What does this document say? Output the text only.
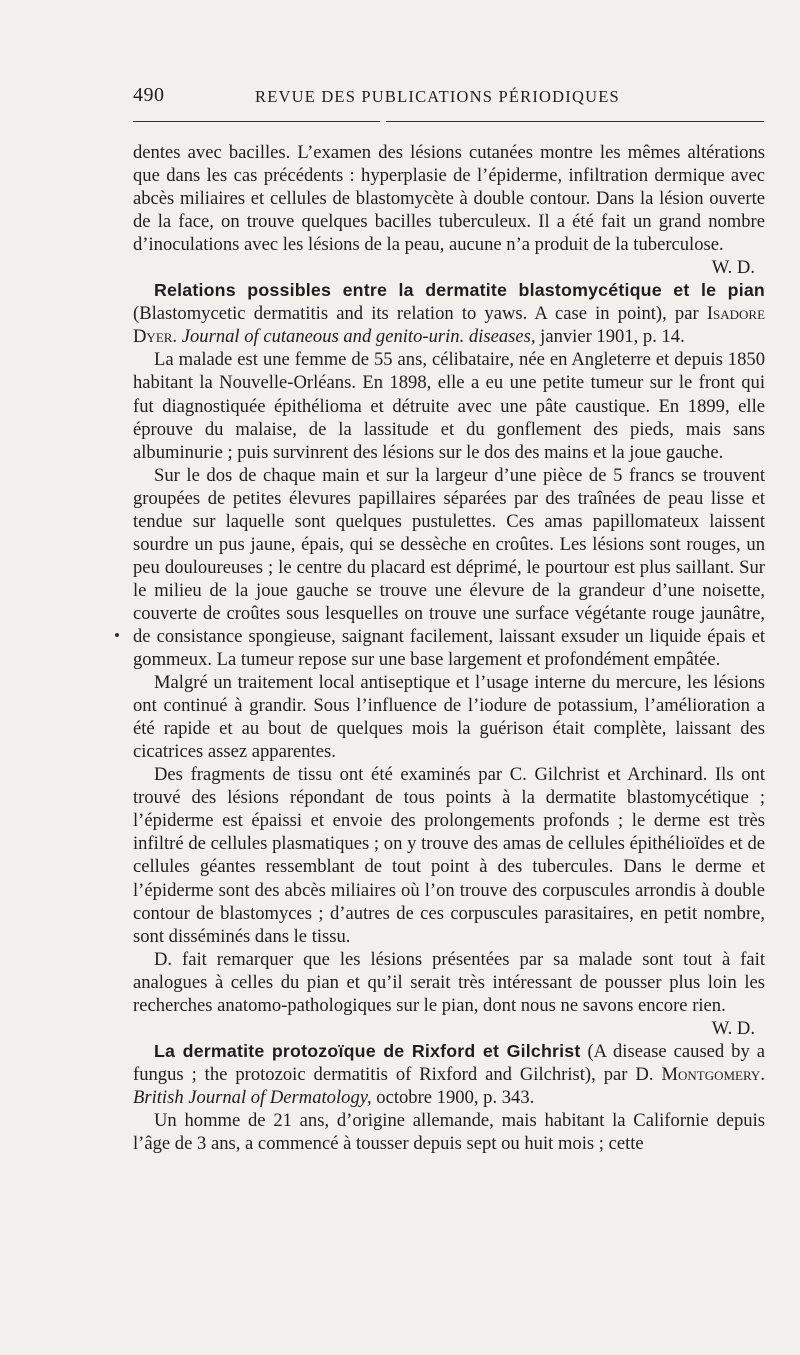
490	REVUE DES PUBLICATIONS PÉRIODIQUES

dentes avec bacilles. L’examen des lésions cutanées montre les mêmes altérations que dans les cas précédents : hyperplasie de l’épiderme, infiltration dermique avec abcès miliaires et cellules de blastomycète à double contour. Dans la lésion ouverte de la face, on trouve quelques bacilles tuberculeux. Il a été fait un grand nombre d’inoculations avec les lésions de la peau, aucune n’a produit de la tuberculose.
W. D.

Relations possibles entre la dermatite blastomycétique et le pian (Blastomycetic dermatitis and its relation to yaws. A case in point), par Isadore Dyer. Journal of cutaneous and genito-urin. diseases, janvier 1901, p. 14.

La malade est une femme de 55 ans, célibataire, née en Angleterre et depuis 1850 habitant la Nouvelle-Orléans. En 1898, elle a eu une petite tumeur sur le front qui fut diagnostiquée épithélioma et détruite avec une pâte caustique. En 1899, elle éprouve du malaise, de la lassitude et du gonflement des pieds, mais sans albuminurie ; puis survinrent des lésions sur le dos des mains et la joue gauche.

Sur le dos de chaque main et sur la largeur d’une pièce de 5 francs se trouvent groupées de petites élevures papillaires séparées par des traînées de peau lisse et tendue sur laquelle sont quelques pustulettes. Ces amas papillomateux laissent sourdre un pus jaune, épais, qui se dessèche en croûtes. Les lésions sont rouges, un peu douloureuses ; le centre du placard est déprimé, le pourtour est plus saillant. Sur le milieu de la joue gauche se trouve une élevure de la grandeur d’une noisette, couverte de croûtes sous lesquelles on trouve une surface végétante rouge jaunâtre, de consistance spongieuse, saignant facilement, laissant exsuder un liquide épais et gommeux. La tumeur repose sur une base largement et profondément empâtée.

Malgré un traitement local antiseptique et l’usage interne du mercure, les lésions ont continué à grandir. Sous l’influence de l’iodure de potassium, l’amélioration a été rapide et au bout de quelques mois la guérison était complète, laissant des cicatrices assez apparentes.

Des fragments de tissu ont été examinés par C. Gilchrist et Archinard. Ils ont trouvé des lésions répondant de tous points à la dermatite blastomycétique ; l’épiderme est épaissi et envoie des prolongements profonds ; le derme est très infiltré de cellules plasmatiques ; on y trouve des amas de cellules épithélioïdes et de cellules géantes ressemblant de tout point à des tubercules. Dans le derme et l’épiderme sont des abcès miliaires où l’on trouve des corpuscules arrondis à double contour de blastomyces ; d’autres de ces corpuscules parasitaires, en petit nombre, sont disséminés dans le tissu.

D. fait remarquer que les lésions présentées par sa malade sont tout à fait analogues à celles du pian et qu’il serait très intéressant de pousser plus loin les recherches anatomo-pathologiques sur le pian, dont nous ne savons encore rien.
W. D.

La dermatite protozoïque de Rixford et Gilchrist (A disease caused by a fungus ; the protozoic dermatitis of Rixford and Gilchrist), par D. Montgomery. British Journal of Dermatology, octobre 1900, p. 343.

Un homme de 21 ans, d’origine allemande, mais habitant la Californie depuis l’âge de 3 ans, a commencé à tousser depuis sept ou huit mois ; cette
